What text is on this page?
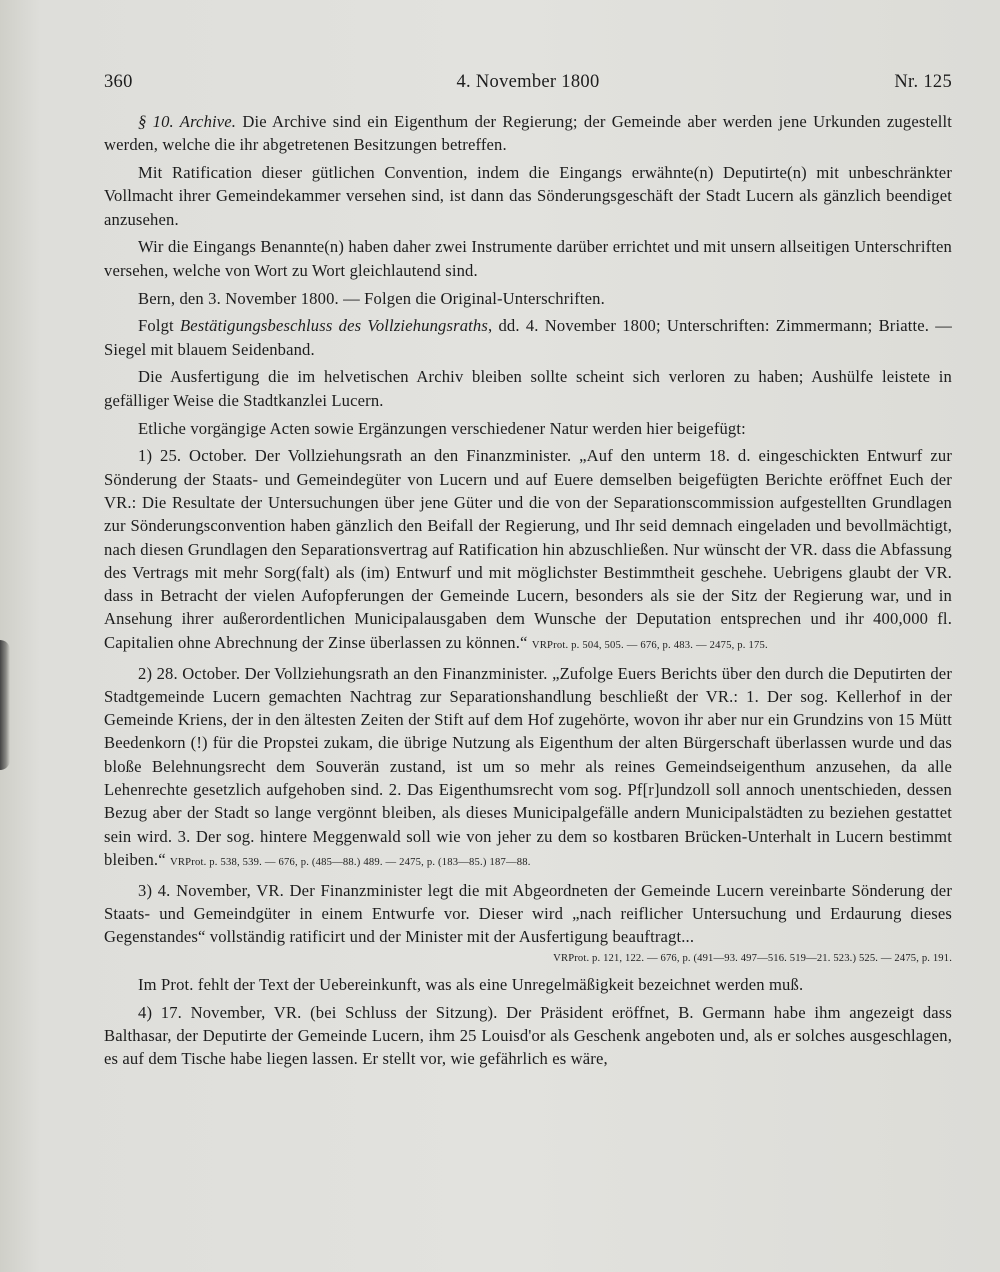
360	4. November 1800	Nr. 125

§ 10. Archive. Die Archive sind ein Eigenthum der Regierung; der Gemeinde aber werden jene Urkunden zugestellt werden, welche die ihr abgetretenen Besitzungen betreffen.

Mit Ratification dieser gütlichen Convention, indem die Eingangs erwähnte(n) Deputirte(n) mit unbeschränkter Vollmacht ihrer Gemeindekammer versehen sind, ist dann das Sönderungsgeschäft der Stadt Lucern als gänzlich beendiget anzusehen.

Wir die Eingangs Benannte(n) haben daher zwei Instrumente darüber errichtet und mit unsern allseitigen Unterschriften versehen, welche von Wort zu Wort gleichlautend sind.

Bern, den 3. November 1800. — Folgen die Original-Unterschriften.

Folgt Bestätigungsbeschluss des Vollziehungsraths, dd. 4. November 1800; Unterschriften: Zimmermann; Briatte. — Siegel mit blauem Seidenband.

Die Ausfertigung die im helvetischen Archiv bleiben sollte scheint sich verloren zu haben; Aushülfe leistete in gefälliger Weise die Stadtkanzlei Lucern.

Etliche vorgängige Acten sowie Ergänzungen verschiedener Natur werden hier beigefügt:

1) 25. October. Der Vollziehungsrath an den Finanzminister. „Auf den unterm 18. d. eingeschickten Entwurf zur Sönderung der Staats- und Gemeindegüter von Lucern und auf Euere demselben beigefügten Berichte eröffnet Euch der VR.: Die Resultate der Untersuchungen über jene Güter und die von der Separationscommission aufgestellten Grundlagen zur Sönderungsconvention haben gänzlich den Beifall der Regierung, und Ihr seid demnach eingeladen und bevollmächtigt, nach diesen Grundlagen den Separationsvertrag auf Ratification hin abzuschließen. Nur wünscht der VR. dass die Abfassung des Vertrags mit mehr Sorg(falt) als (im) Entwurf und mit möglichster Bestimmtheit geschehe. Uebrigens glaubt der VR. dass in Betracht der vielen Aufopferungen der Gemeinde Lucern, besonders als sie der Sitz der Regierung war, und in Ansehung ihrer außerordentlichen Municipalausgaben dem Wunsche der Deputation entsprechen und ihr 400,000 fl. Capitalien ohne Abrechnung der Zinse überlassen zu können.“ VRProt. p. 504, 505. — 676, p. 483. — 2475, p. 175.

2) 28. October. Der Vollziehungsrath an den Finanzminister. „Zufolge Euers Berichts über den durch die Deputirten der Stadtgemeinde Lucern gemachten Nachtrag zur Separationshandlung beschließt der VR.: 1. Der sog. Kellerhof in der Gemeinde Kriens, der in den ältesten Zeiten der Stift auf dem Hof zugehörte, wovon ihr aber nur ein Grundzins von 15 Mütt Beedenkorn (!) für die Propstei zukam, die übrige Nutzung als Eigenthum der alten Bürgerschaft überlassen wurde und das bloße Belehnungsrecht dem Souverän zustand, ist um so mehr als reines Gemeindseigenthum anzusehen, da alle Lehenrechte gesetzlich aufgehoben sind. 2. Das Eigenthumsrecht vom sog. Pf[r]undzoll soll annoch unentschieden, dessen Bezug aber der Stadt so lange vergönnt bleiben, als dieses Municipalgefälle andern Municipalstädten zu beziehen gestattet sein wird. 3. Der sog. hintere Meggenwald soll wie von jeher zu dem so kostbaren Brücken-Unterhalt in Lucern bestimmt bleiben.“ VRProt. p. 538, 539. — 676, p. (485—88.) 489. — 2475, p. (183—85.) 187—88.

3) 4. November, VR. Der Finanzminister legt die mit Abgeordneten der Gemeinde Lucern vereinbarte Sönderung der Staats- und Gemeindgüter in einem Entwurfe vor. Dieser wird „nach reiflicher Untersuchung und Erdaurung dieses Gegenstandes“ vollständig ratificirt und der Minister mit der Ausfertigung beauftragt...

VRProt. p. 121, 122. — 676, p. (491—93. 497—516. 519—21. 523.) 525. — 2475, p. 191.

Im Prot. fehlt der Text der Uebereinkunft, was als eine Unregelmäßigkeit bezeichnet werden muß.

4) 17. November, VR. (bei Schluss der Sitzung). Der Präsident eröffnet, B. Germann habe ihm angezeigt dass Balthasar, der Deputirte der Gemeinde Lucern, ihm 25 Louisd'or als Geschenk angeboten und, als er solches ausgeschlagen, es auf dem Tische habe liegen lassen. Er stellt vor, wie gefährlich es wäre,
